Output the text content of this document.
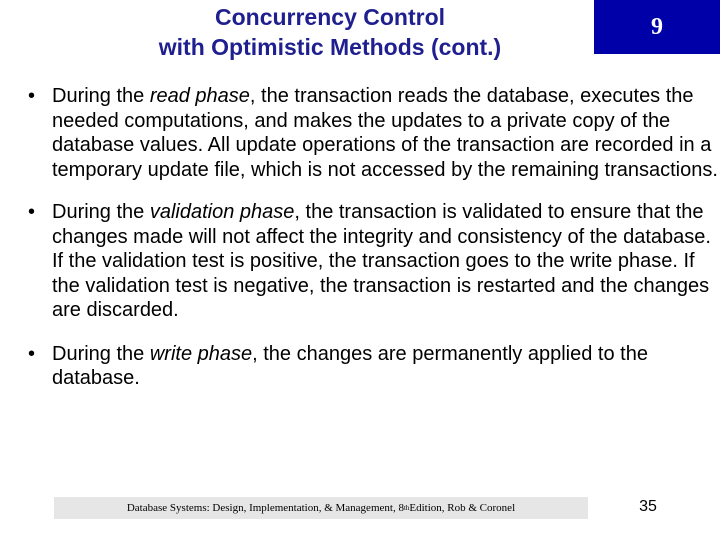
Concurrency Control
with Optimistic Methods (cont.)
9
• During the read phase, the transaction reads the database, executes the needed computations, and makes the updates to a private copy of the database values. All update operations of the transaction are recorded in a temporary update file, which is not accessed by the remaining transactions.
• During the validation phase, the transaction is validated to ensure that the changes made will not affect the integrity and consistency of the database. If the validation test is positive, the transaction goes to the write phase. If the validation test is negative, the transaction is restarted and the changes are discarded.
• During the write phase, the changes are permanently applied to the database.
Database Systems: Design, Implementation, & Management, 8 th Edition, Rob & Coronel	35
